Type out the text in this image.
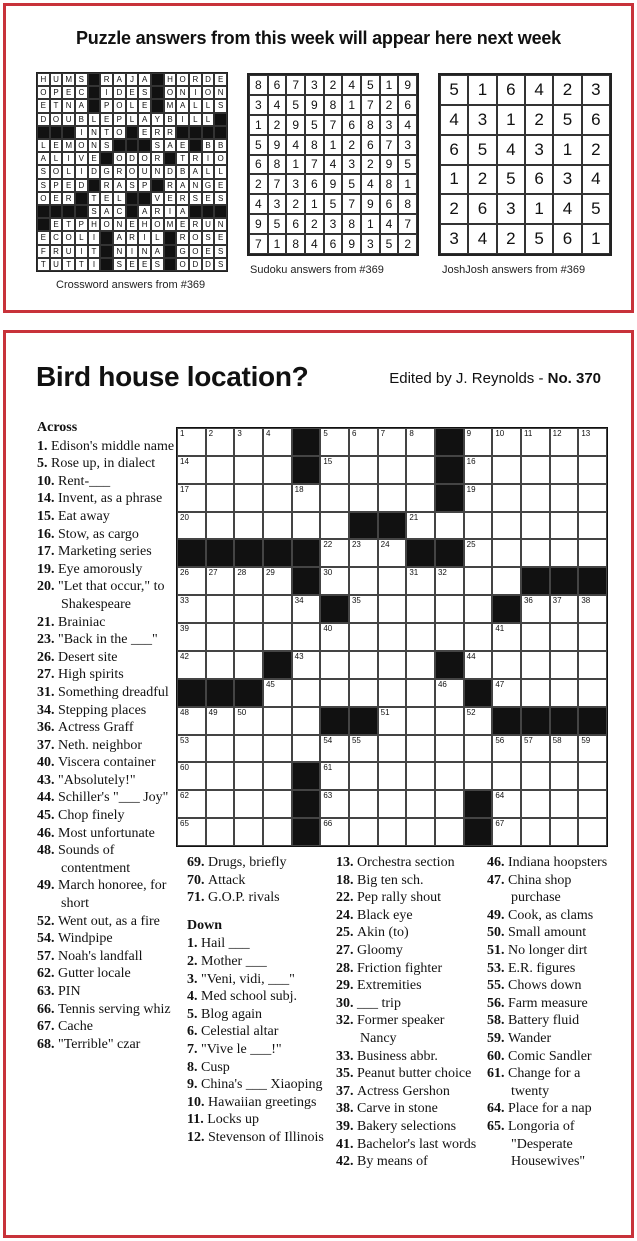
Puzzle answers from this week will appear here next week
H U M S	R A J	A	H O R D E
O P E C	I	D E S	O N	I	O N
E T N A	P O L E	M A L	L S
D O U B L E P L A Y B	I	L	L
I	N T O	E R R
L E M O N S	S A E	B B
A L	I	V E	O D O R	T R	I	O
S O L	I	D G R O U N D B A L	L
S P E D	R A S P	R A N G E
O E R	T E L	V E R S E S
S A C	A R	I	A
E T P H O N E H O M E R U N
E C O L	I	A R	I	L	R O S E
F R U	I	T	N	I	N A	G O E S
T U T T	I	S E E S	O D D S
8 6 7 3 2 4 5 1 9
3 4 5 9 8 1 7 2 6
1 2 9 5 7 6 8 3 4
5 9 4 8 1 2 6 7 3
6 8 1 7 4 3 2 9 5
2 7 3 6 9 5 4 8 1
4 3 2 1 5 7 9 6 8
9 5 6 2 3 8 1 4 7
7 1 8 4 6 9 3 5 2
5	1	6	4	2	3
4	3	1	2	5	6
6	5	4	3	1	2
1	2	5	6	3	4
2	6	3	1	4	5
3	4	2	5	6	1
Crossword answers from #369
Sudoku answers from #369	JoshJosh answers from #369
Bird house location?	Edited by J. Reynolds - No. 370
1	2	3	4	5	6	7	8	9	10 11	12 13
14	15	16
17	18	19
20	21
22 23 24	25
26 27 28 29	30	31 32
33	34	35	36 37 38
39	40	41
42	43	44
45	46	47
48 49 50	51	52
53	54 55	56 57 58 59
60	61
62	63	64
65	66	67
Across
1. Edison's middle name
5. Rose up, in dialect
10. Rent-___
14. Invent, as a phrase
15. Eat away
16. Stow, as cargo
17. Marketing series
19. Eye amorously
20. "Let that occur," to Shakespeare
21. Brainiac
23. "Back in the ___"
26. Desert site
27. High spirits
31. Something dreadful
34. Stepping places
36. Actress Graff
37. Neth. neighbor
40. Viscera container
43. "Absolutely!"
44. Schiller's "___ Joy"
45. Chop finely
46. Most unfortunate
48. Sounds of contentment
49. March honoree, for short
52. Went out, as a fire
54. Windpipe
57. Noah's landfall
62. Gutter locale
63. PIN
66. Tennis serving whiz
67. Cache
68. "Terrible" czar
69. Drugs, briefly
70. Attack
71. G.O.P. rivals
Down
1. Hail ___
2. Mother ___
3. "Veni, vidi, ___"
4. Med school subj.
5. Blog again
6. Celestial altar
7. "Vive le ___!"
8. Cusp
9. China's ___ Xiaoping
10. Hawaiian greetings
11. Locks up
12. Stevenson of Illinois
13. Orchestra section
18. Big ten sch.
22. Pep rally shout
24. Black eye
25. Akin (to)
27. Gloomy
28. Friction fighter
29. Extremities
30. ___ trip
32. Former speaker Nancy
33. Business abbr.
35. Peanut butter choice
37. Actress Gershon
38. Carve in stone
39. Bakery selections
41. Bachelor's last words
42. By means of
46. Indiana hoopsters
47. China shop purchase
49. Cook, as clams
50. Small amount
51. No longer dirt
53. E.R. figures
55. Chows down
56. Farm measure
58. Battery fluid
59. Wander
60. Comic Sandler
61. Change for a twenty
64. Place for a nap
65. Longoria of "Desperate Housewives"
